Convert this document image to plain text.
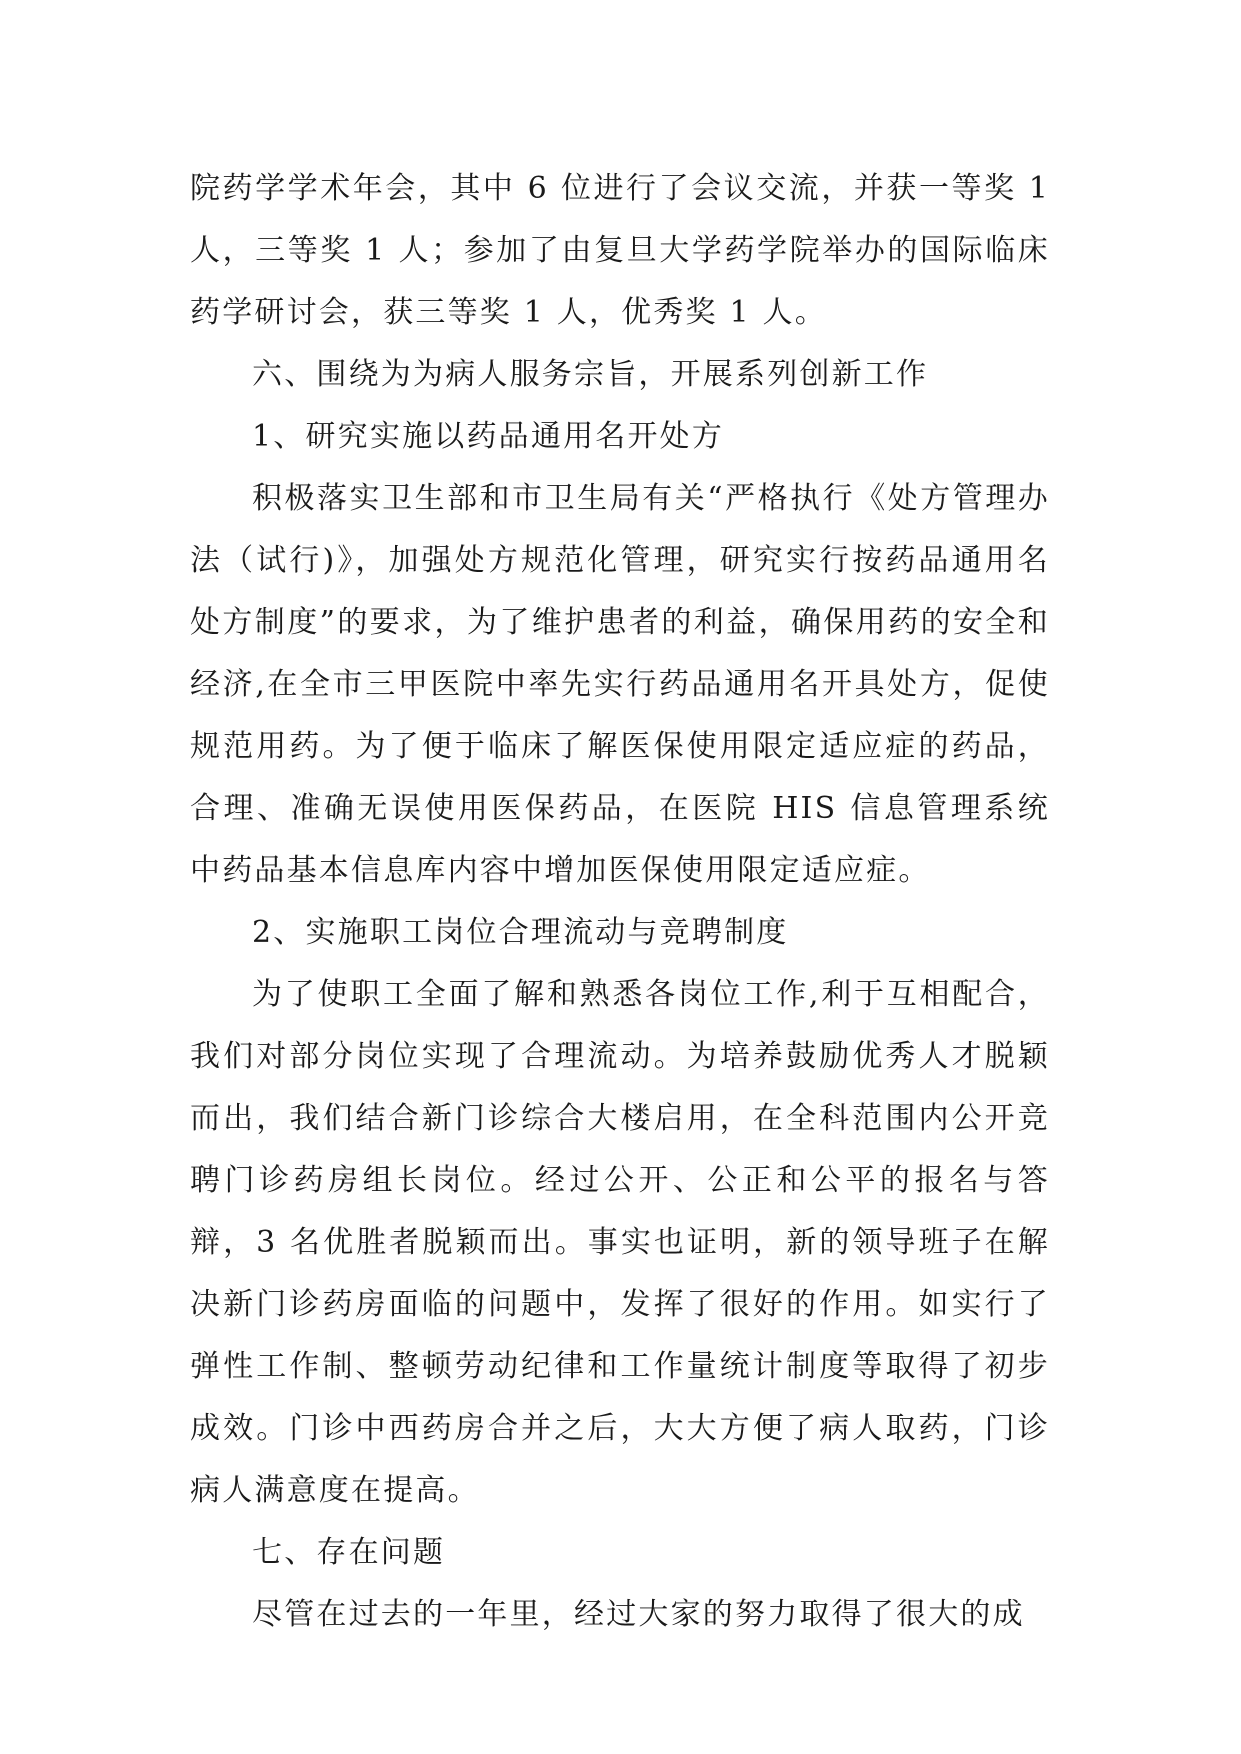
院药学学术年会，其中 6 位进行了会议交流，并获一等奖 1 人，三等奖 1 人；参加了由复旦大学药学院举办的国际临床药学研讨会，获三等奖 1 人，优秀奖 1 人。

六、围绕为为病人服务宗旨，开展系列创新工作

1、研究实施以药品通用名开处方

积极落实卫生部和市卫生局有关“严格执行《处方管理办法（试行)》，加强处方规范化管理，研究实行按药品通用名处方制度”的要求，为了维护患者的利益，确保用药的安全和经济,在全市三甲医院中率先实行药品通用名开具处方，促使规范用药。为了便于临床了解医保使用限定适应症的药品，合理、准确无误使用医保药品，在医院 HIS 信息管理系统中药品基本信息库内容中增加医保使用限定适应症。

2、实施职工岗位合理流动与竞聘制度

为了使职工全面了解和熟悉各岗位工作,利于互相配合，我们对部分岗位实现了合理流动。为培养鼓励优秀人才脱颖而出，我们结合新门诊综合大楼启用，在全科范围内公开竞聘门诊药房组长岗位。经过公开、公正和公平的报名与答辩，3 名优胜者脱颖而出。事实也证明，新的领导班子在解决新门诊药房面临的问题中，发挥了很好的作用。如实行了弹性工作制、整顿劳动纪律和工作量统计制度等取得了初步成效。门诊中西药房合并之后，大大方便了病人取药，门诊病人满意度在提高。

七、存在问题

尽管在过去的一年里，经过大家的努力取得了很大的成
